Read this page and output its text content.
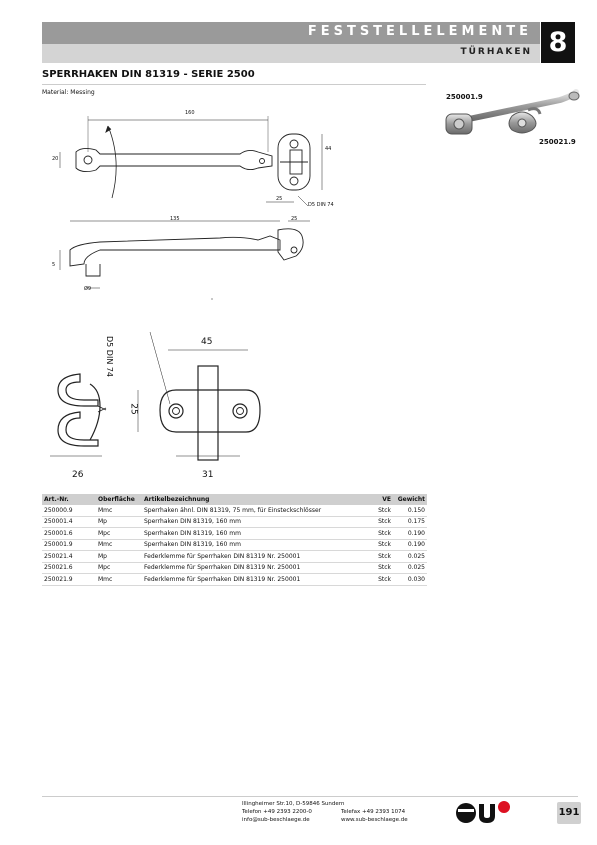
FESTSTELLELEMENTE
TÜRHAKEN 8
SPERRHAKEN DIN 81319 - SERIE 2500
Material: Messing
250001.9
250021.9
160
20
44
25
D5 DIN 74
135	25
5
Ø9
26
45
31
25
D5 DIN 74
Art.-Nr.	Oberfläche	Artikelbezeichnung	VE	Gewicht
250000.9	Mmc	Sperrhaken ähnl. DIN 81319, 75 mm, für Einsteckschlösser	Stck	0.150
250001.4	Mp	Sperrhaken DIN 81319, 160 mm	Stck	0.175
250001.6	Mpc	Sperrhaken DIN 81319, 160 mm	Stck	0.190
250001.9	Mmc	Sperrhaken DIN 81319, 160 mm	Stck	0.190
250021.4	Mp	Federklemme für Sperrhaken DIN 81319 Nr. 250001	Stck	0.025
250021.6	Mpc	Federklemme für Sperrhaken DIN 81319 Nr. 250001	Stck	0.025
250021.9	Mmc	Federklemme für Sperrhaken DIN 81319 Nr. 250001	Stck	0.030
Illingheimer Str.10, D-59846 Sundern
Telefon +49 2393 2200-0
info@sub-beschlaege.de
Telefax +49 2393 1074
www.sub-beschlaege.de
191
